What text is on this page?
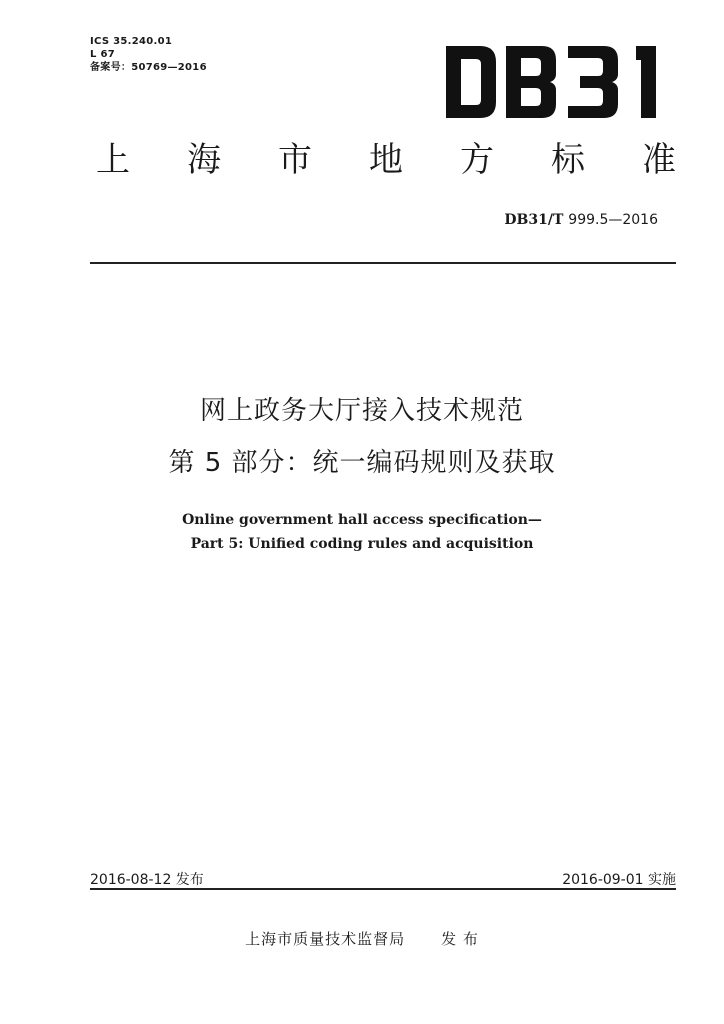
ICS 35.240.01
L 67
备案号：50769—2016
上 海 市 地 方 标 准
DB31/T 999.5—2016
网上政务大厅接入技术规范
第 5 部分：统一编码规则及获取
Online government hall access specification—
Part 5: Unified coding rules and acquisition
2016-08-12 发布	2016-09-01 实施
上海市质量技术监督局 发 布
